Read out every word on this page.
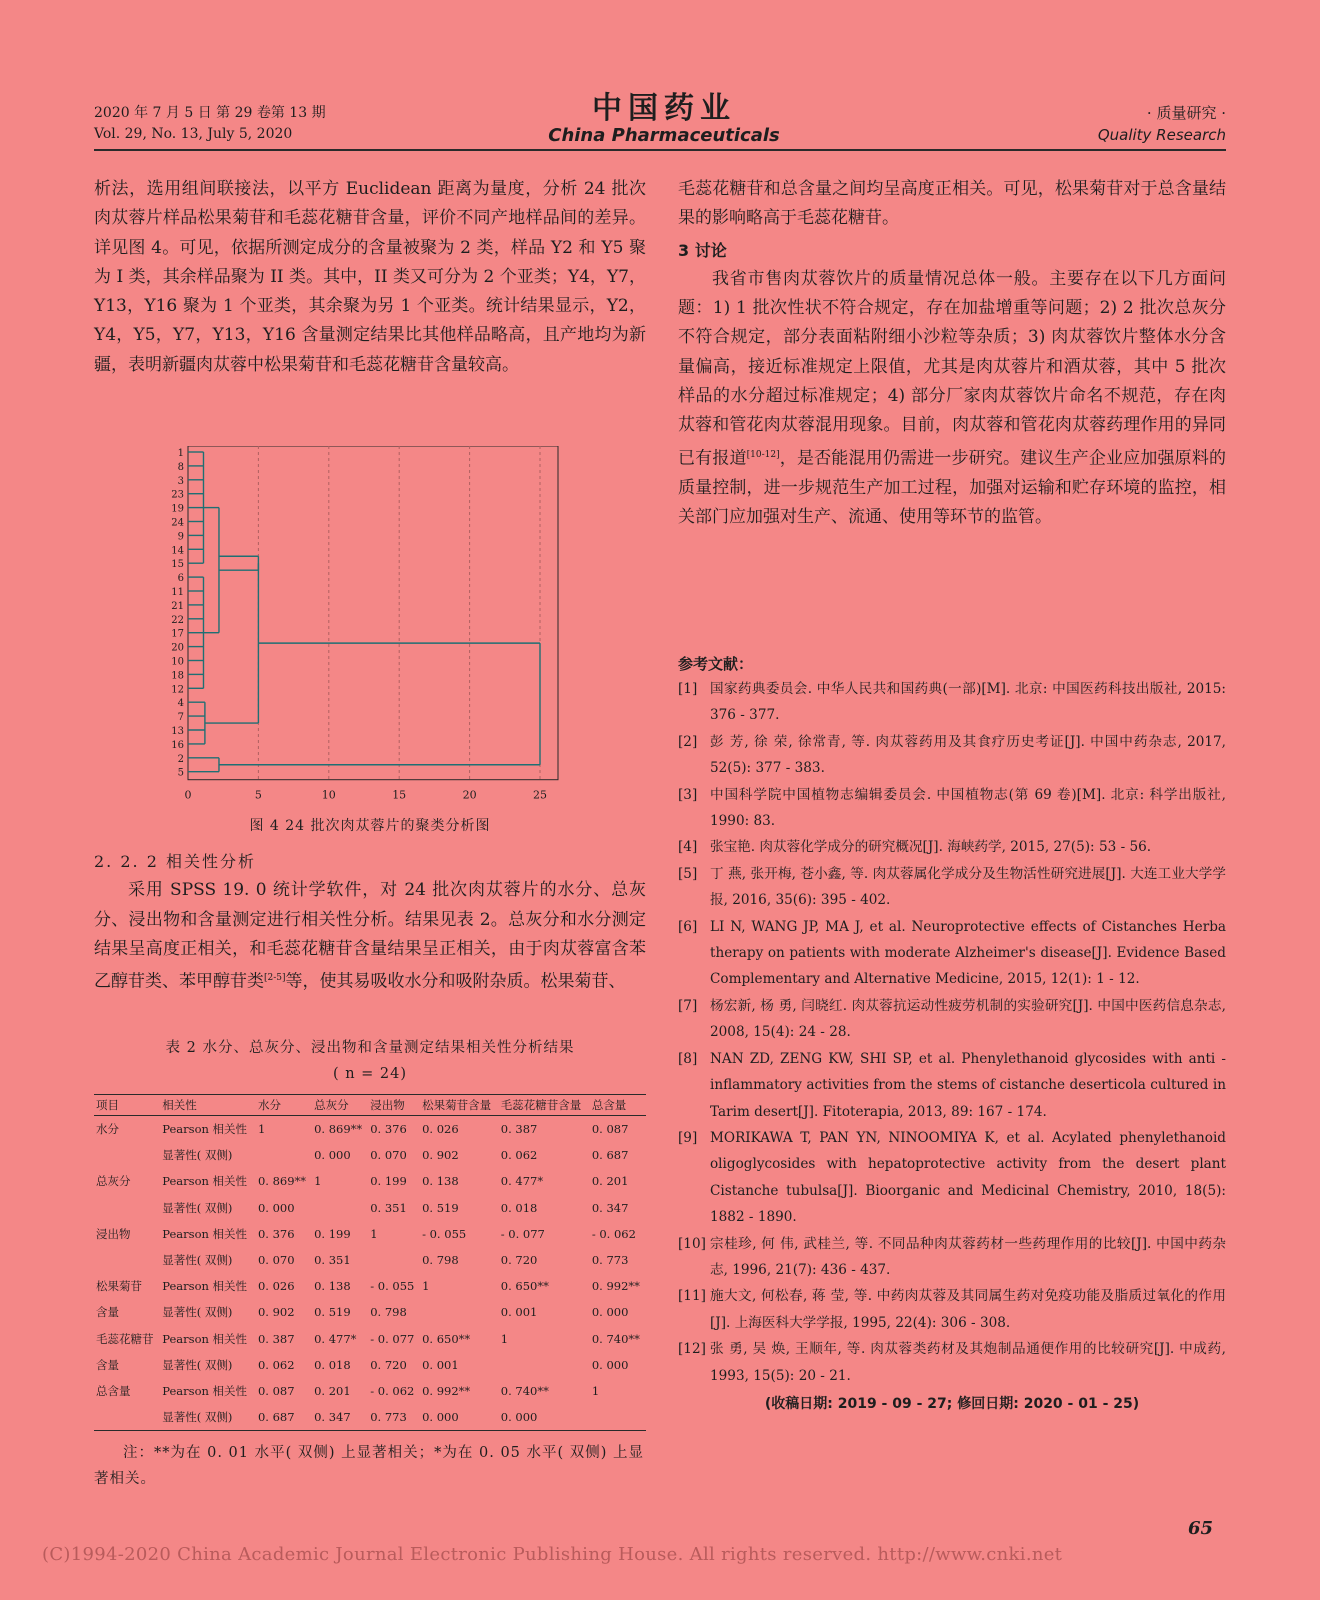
2020 年 7 月 5 日 第 29 卷第 13 期
Vol. 29, No. 13, July 5, 2020
中国药业
China Pharmaceuticals
· 质量研究 ·
Quality Research

析法，选用组间联接法，以平方 Euclidean 距离为量度，分析 24 批次肉苁蓉片样品松果菊苷和毛蕊花糖苷含量，评价不同产地样品间的差异。详见图 4。可见，依据所测定成分的含量被聚为 2 类，样品 Y2 和 Y5 聚为 I 类，其余样品聚为 II 类。其中，II 类又可分为 2 个亚类；Y4，Y7，Y13，Y16 聚为 1 个亚类，其余聚为另 1 个亚类。统计结果显示，Y2，Y4，Y5，Y7，Y13，Y16 含量测定结果比其他样品略高，且产地均为新疆，表明新疆肉苁蓉中松果菊苷和毛蕊花糖苷含量较高。

1
8
3
23
19
24
9
14
15
6
11
21
22
17
20
10
18
12
4
7
13
16
2
5
0	5	10	15	20	25
图 4 24 批次肉苁蓉片的聚类分析图

2. 2. 2 相关性分析

采用 SPSS 19. 0 统计学软件，对 24 批次肉苁蓉片的水分、总灰分、浸出物和含量测定进行相关性分析。结果见表 2。总灰分和水分测定结果呈高度正相关，和毛蕊花糖苷含量结果呈正相关，由于肉苁蓉富含苯乙醇苷类、苯甲醇苷类[2-5]等，使其易吸收水分和吸附杂质。松果菊苷、

表 2 水分、总灰分、浸出物和含量测定结果相关性分析结果
( n = 24)
项目	相关性	水分	总灰分	浸出物	松果菊苷含量	毛蕊花糖苷含量	总含量
水分	Pearson 相关性	1	0. 869**	0. 376	0. 026	0. 387	0. 087
	显著性( 双侧)		0. 000	0. 070	0. 902	0. 062	0. 687
总灰分	Pearson 相关性	0. 869**	1	0. 199	0. 138	0. 477*	0. 201
	显著性( 双侧)	0. 000		0. 351	0. 519	0. 018	0. 347
浸出物	Pearson 相关性	0. 376	0. 199	1	- 0. 055	- 0. 077	- 0. 062
	显著性( 双侧)	0. 070	0. 351		0. 798	0. 720	0. 773
松果菊苷	Pearson 相关性	0. 026	0. 138	- 0. 055	1	0. 650**	0. 992**
含量	显著性( 双侧)	0. 902	0. 519	0. 798		0. 001	0. 000
毛蕊花糖苷	Pearson 相关性	0. 387	0. 477*	- 0. 077	0. 650**	1	0. 740**
含量	显著性( 双侧)	0. 062	0. 018	0. 720	0. 001		0. 000
总含量	Pearson 相关性	0. 087	0. 201	- 0. 062	0. 992**	0. 740**	1
	显著性( 双侧)	0. 687	0. 347	0. 773	0. 000	0. 000	
注：**为在 0. 01 水平( 双侧) 上显著相关；*为在 0. 05 水平( 双侧) 上显著相关。

毛蕊花糖苷和总含量之间均呈高度正相关。可见，松果菊苷对于总含量结果的影响略高于毛蕊花糖苷。

3 讨论

我省市售肉苁蓉饮片的质量情况总体一般。主要存在以下几方面问题：1) 1 批次性状不符合规定，存在加盐增重等问题；2) 2 批次总灰分不符合规定，部分表面粘附细小沙粒等杂质；3) 肉苁蓉饮片整体水分含量偏高，接近标准规定上限值，尤其是肉苁蓉片和酒苁蓉，其中 5 批次样品的水分超过标准规定；4) 部分厂家肉苁蓉饮片命名不规范，存在肉苁蓉和管花肉苁蓉混用现象。目前，肉苁蓉和管花肉苁蓉药理作用的异同已有报道[10-12]，是否能混用仍需进一步研究。建议生产企业应加强原料的质量控制，进一步规范生产加工过程，加强对运输和贮存环境的监控，相关部门应加强对生产、流通、使用等环节的监管。

参考文献：
[1] 国家药典委员会. 中华人民共和国药典(一部)[M]. 北京: 中国医药科技出版社, 2015: 376 - 377.
[2] 彭 芳, 徐 荣, 徐常青, 等. 肉苁蓉药用及其食疗历史考证[J]. 中国中药杂志, 2017, 52(5): 377 - 383.
[3] 中国科学院中国植物志编辑委员会. 中国植物志(第 69 卷)[M]. 北京: 科学出版社, 1990: 83.
[4] 张宝艳. 肉苁蓉化学成分的研究概况[J]. 海峡药学, 2015, 27(5): 53 - 56.
[5] 丁 燕, 张开梅, 苍小鑫, 等. 肉苁蓉属化学成分及生物活性研究进展[J]. 大连工业大学学报, 2016, 35(6): 395 - 402.
[6] LI N, WANG JP, MA J, et al. Neuroprotective effects of Cistanches Herba therapy on patients with moderate Alzheimer's disease[J]. Evidence Based Complementary and Alternative Medicine, 2015, 12(1): 1 - 12.
[7] 杨宏新, 杨 勇, 闫晓红. 肉苁蓉抗运动性疲劳机制的实验研究[J]. 中国中医药信息杂志, 2008, 15(4): 24 - 28.
[8] NAN ZD, ZENG KW, SHI SP, et al. Phenylethanoid glycosides with anti - inflammatory activities from the stems of cistanche deserticola cultured in Tarim desert[J]. Fitoterapia, 2013, 89: 167 - 174.
[9] MORIKAWA T, PAN YN, NINOOMIYA K, et al. Acylated phenylethanoid oligoglycosides with hepatoprotective activity from the desert plant Cistanche tubulsa[J]. Bioorganic and Medicinal Chemistry, 2010, 18(5): 1882 - 1890.
[10] 宗桂珍, 何 伟, 武桂兰, 等. 不同品种肉苁蓉药材一些药理作用的比较[J]. 中国中药杂志, 1996, 21(7): 436 - 437.
[11] 施大文, 何松春, 蒋 莹, 等. 中药肉苁蓉及其同属生药对免疫功能及脂质过氧化的作用[J]. 上海医科大学学报, 1995, 22(4): 306 - 308.
[12] 张 勇, 吴 焕, 王顺年, 等. 肉苁蓉类药材及其炮制品通便作用的比较研究[J]. 中成药, 1993, 15(5): 20 - 21.
(收稿日期: 2019 - 09 - 27; 修回日期: 2020 - 01 - 25)
65
(C)1994-2020 China Academic Journal Electronic Publishing House. All rights reserved. http://www.cnki.net
